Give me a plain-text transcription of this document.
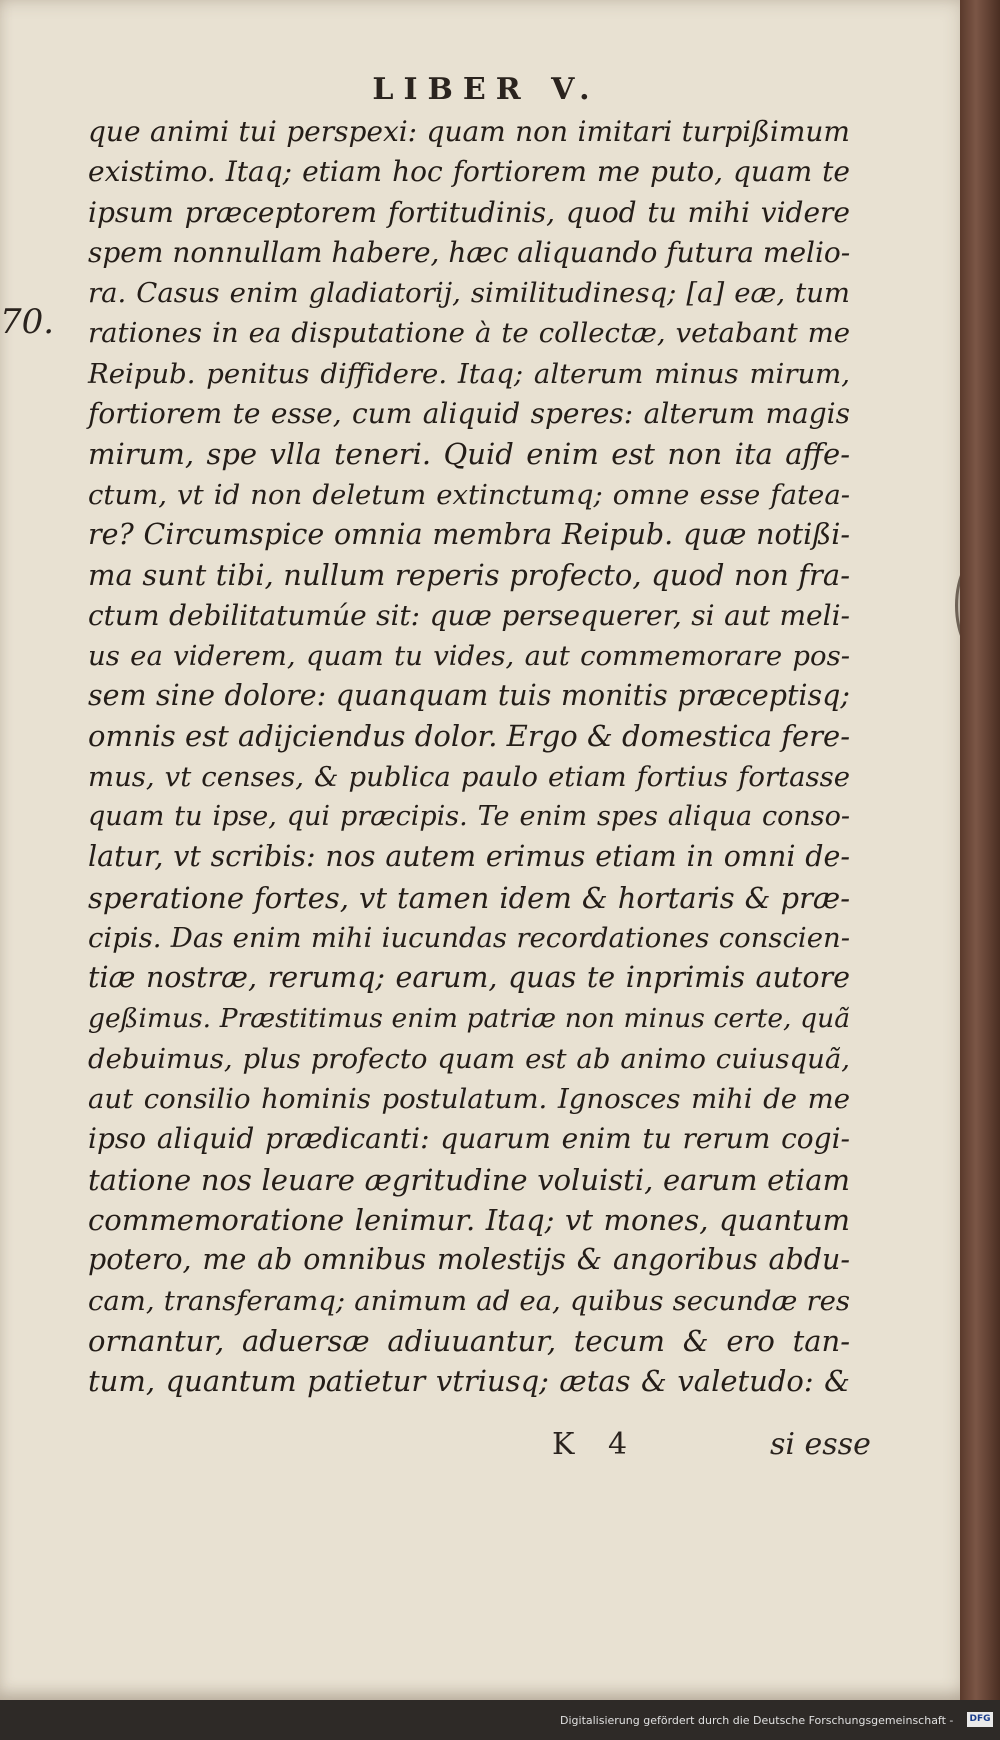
LIBER V.
70.
que animi tui perspexi: quam non imitari turpißimum
existimo. Itaq; etiam hoc fortiorem me puto, quam te
ipsum præceptorem fortitudinis, quod tu mihi videre
spem nonnullam habere, hæc aliquando futura melio-
ra. Casus enim gladiatorij, similitudinesq; [a] eæ, tum
rationes in ea disputatione à te collectæ, vetabant me
Reipub. penitus diffidere. Itaq; alterum minus mirum,
fortiorem te esse, cum aliquid speres: alterum magis
mirum, spe vlla teneri. Quid enim est non ita affe-
ctum, vt id non deletum extinctumq; omne esse fatea-
re? Circumspice omnia membra Reipub. quæ notißi-
ma sunt tibi, nullum reperis profecto, quod non fra-
ctum debilitatumúe sit: quæ persequerer, si aut meli-
us ea viderem, quam tu vides, aut commemorare pos-
sem sine dolore: quanquam tuis monitis præceptisq;
omnis est adijciendus dolor. Ergo & domestica fere-
mus, vt censes, & publica paulo etiam fortius fortasse
quam tu ipse, qui præcipis. Te enim spes aliqua conso-
latur, vt scribis: nos autem erimus etiam in omni de-
speratione fortes, vt tamen idem & hortaris & præ-
cipis. Das enim mihi iucundas recordationes conscien-
tiæ nostræ, rerumq; earum, quas te inprimis autore
geßimus. Præstitimus enim patriæ non minus certe, quã
debuimus, plus profecto quam est ab animo cuiusquã,
aut consilio hominis postulatum. Ignosces mihi de me
ipso aliquid prædicanti: quarum enim tu rerum cogi-
tatione nos leuare ægritudine voluisti, earum etiam
commemoratione lenimur. Itaq; vt mones, quantum
potero, me ab omnibus molestijs & angoribus abdu-
cam, transferamq; animum ad ea, quibus secundæ res
ornantur, aduersæ adiuuantur, tecum & ero tan-
tum, quantum patietur vtriusq; ætas & valetudo: &
K 4	si esse
Digitalisierung gefördert durch die Deutsche Forschungsgemeinschaft - DFG
